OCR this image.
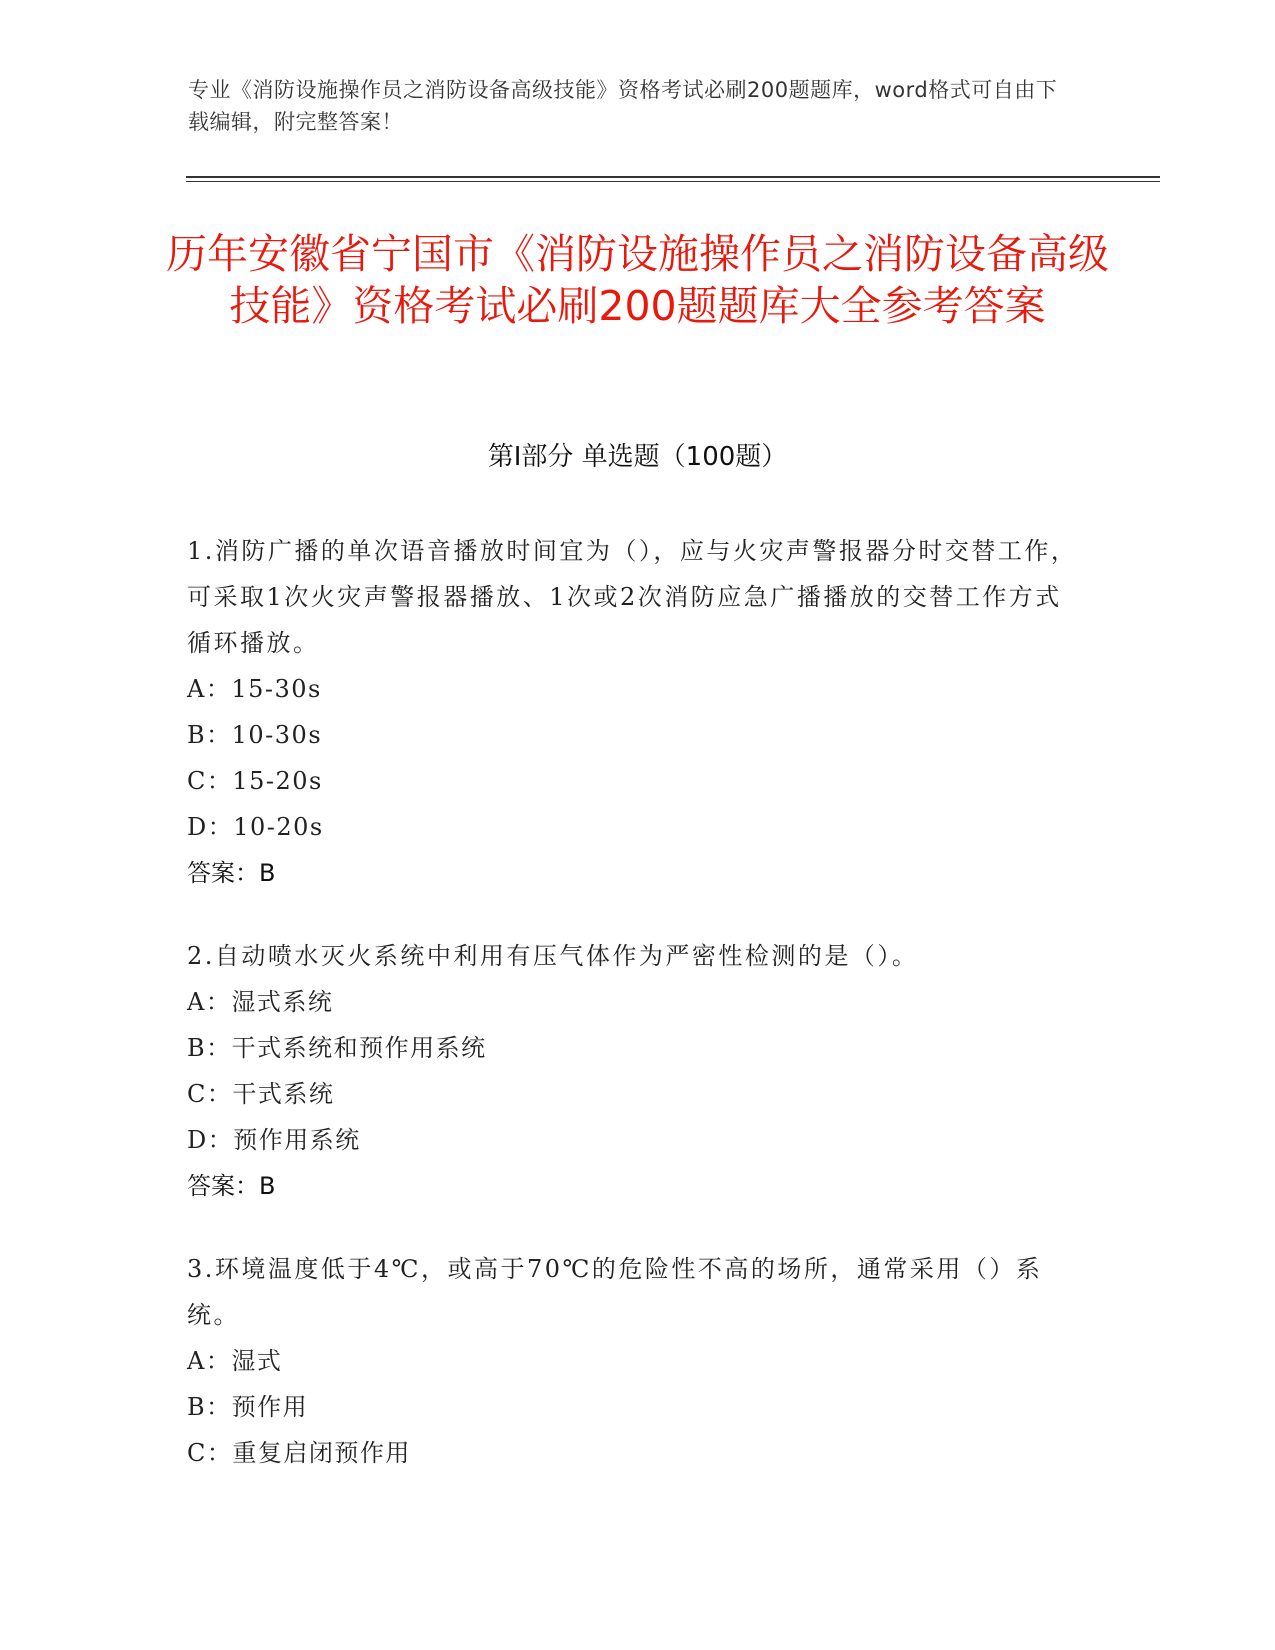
专业《消防设施操作员之消防设备高级技能》资格考试必刷200题题库，word格式可自由下载编辑，附完整答案！
历年安徽省宁国市《消防设施操作员之消防设备高级技能》资格考试必刷200题题库大全参考答案
第Ⅰ部分 单选题（100题）
1.消防广播的单次语音播放时间宜为（），应与火灾声警报器分时交替工作，可采取1次火灾声警报器播放、1次或2次消防应急广播播放的交替工作方式循环播放。
A：15-30s
B：10-30s
C：15-20s
D：10-20s
答案：B
2.自动喷水灭火系统中利用有压气体作为严密性检测的是（）。
A：湿式系统
B：干式系统和预作用系统
C：干式系统
D：预作用系统
答案：B
3.环境温度低于4℃，或高于70℃的危险性不高的场所，通常采用（）系统。
A：湿式
B：预作用
C：重复启闭预作用
